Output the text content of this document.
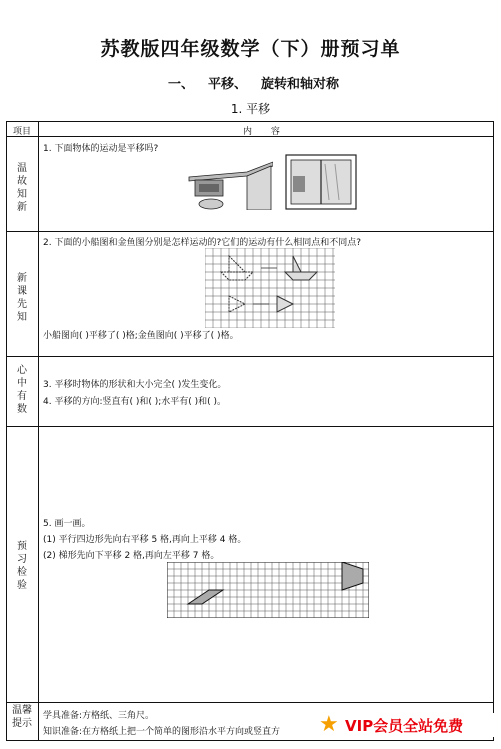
苏教版四年级数学（下）册预习单
一、 平移、 旋转和轴对称
1. 平移
项目	内 容
温故知新
1. 下面物体的运动是平移吗?
新课先知
2. 下面的小船图和金鱼图分别是怎样运动的?它们的运动有什么相同点和不同点?
小船图向( )平移了( )格;金鱼图向( )平移了( )格。
心中有数
3. 平移时物体的形状和大小完全( )发生变化。
4. 平移的方向:竖直有( )和( );水平有( )和( )。
预习检验
5. 画一画。
(1) 平行四边形先向右平移 5 格,再向上平移 4 格。
(2) 梯形先向下平移 2 格,再向左平移 7 格。
温馨提示
学具准备:方格纸、三角尺。
知识准备:在方格纸上把一个简单的图形沿水平方向或竖直方 ★ VIP会员全站免费
